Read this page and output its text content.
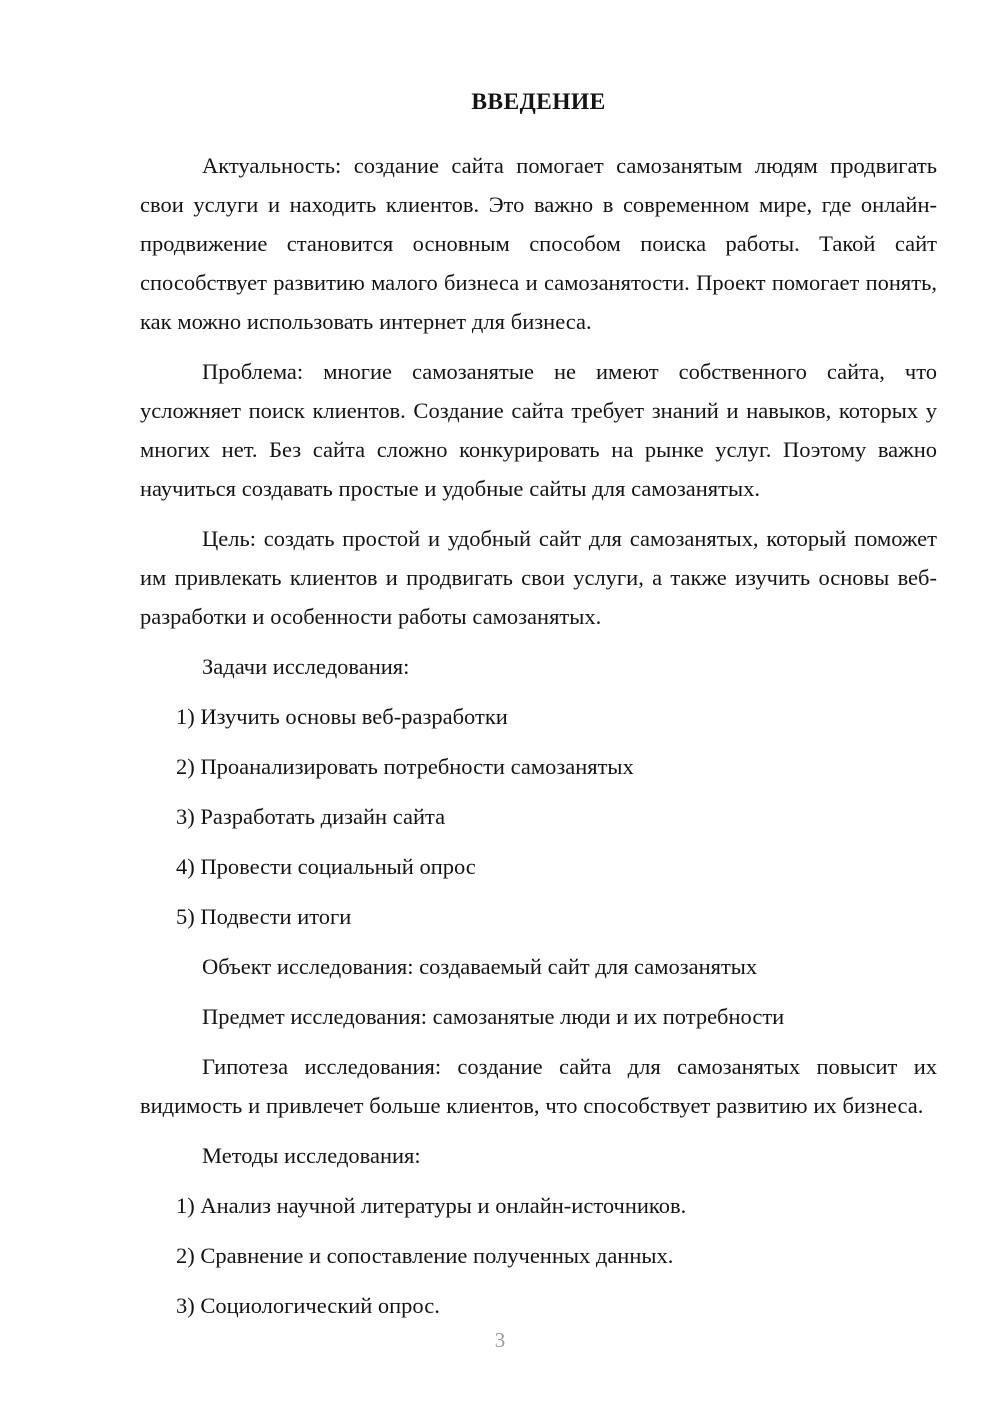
ВВЕДЕНИЕ

Актуальность: создание сайта помогает самозанятым людям продвигать свои услуги и находить клиентов. Это важно в современном мире, где онлайн-продвижение становится основным способом поиска работы. Такой сайт способствует развитию малого бизнеса и самозанятости. Проект помогает понять, как можно использовать интернет для бизнеса.

Проблема: многие самозанятые не имеют собственного сайта, что усложняет поиск клиентов. Создание сайта требует знаний и навыков, которых у многих нет. Без сайта сложно конкурировать на рынке услуг. Поэтому важно научиться создавать простые и удобные сайты для самозанятых.

Цель: создать простой и удобный сайт для самозанятых, который поможет им привлекать клиентов и продвигать свои услуги, а также изучить основы веб-разработки и особенности работы самозанятых.

Задачи исследования:

1) Изучить основы веб-разработки
2) Проанализировать потребности самозанятых
3) Разработать дизайн сайта
4) Провести социальный опрос
5) Подвести итоги

Объект исследования: создаваемый сайт для самозанятых

Предмет исследования: самозанятые люди и их потребности

Гипотеза исследования: создание сайта для самозанятых повысит их видимость и привлечет больше клиентов, что способствует развитию их бизнеса.

Методы исследования:

1) Анализ научной литературы и онлайн-источников.
2) Сравнение и сопоставление полученных данных.
3) Социологический опрос.
3
